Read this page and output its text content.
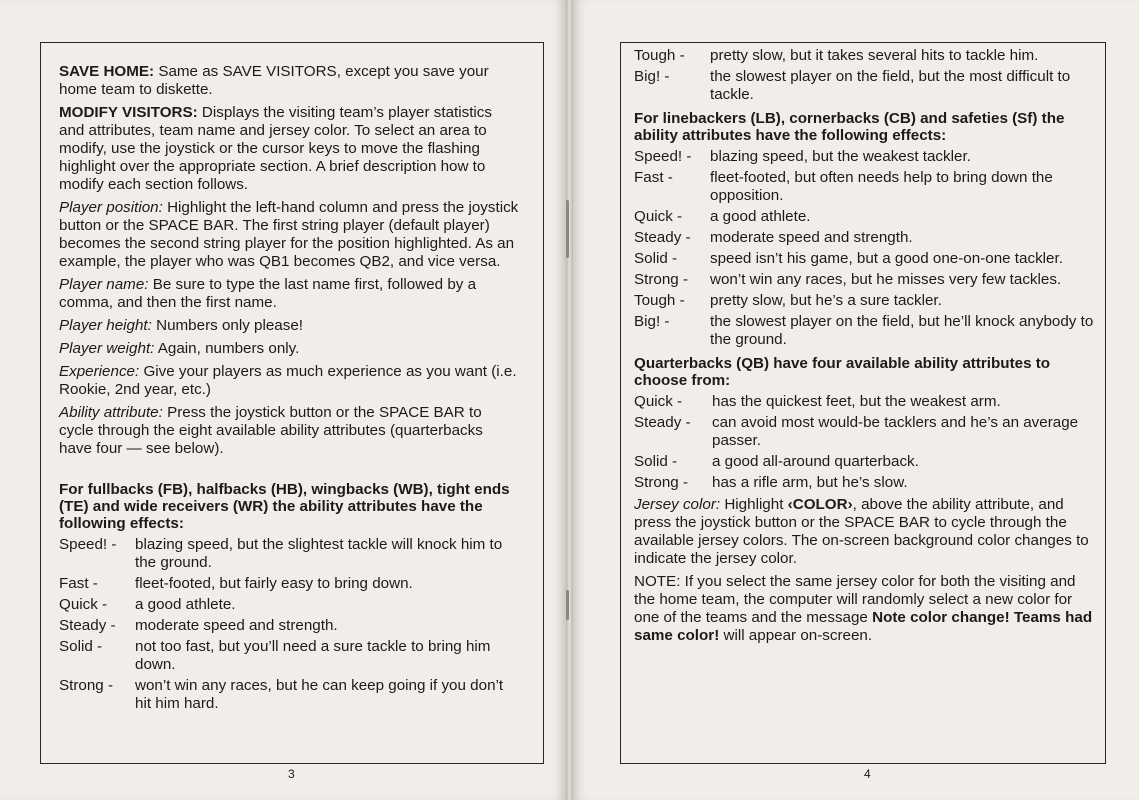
SAVE HOME: Same as SAVE VISITORS, except you save your home team to diskette.

MODIFY VISITORS: Displays the visiting team’s player statistics and attributes, team name and jersey color. To select an area to modify, use the joystick or the cursor keys to move the flashing highlight over the appropriate section. A brief description how to modify each section follows.

Player position: Highlight the left-hand column and press the joystick button or the SPACE BAR. The first string player (default player) becomes the second string player for the position highlighted. As an example, the player who was QB1 becomes QB2, and vice versa.

Player name: Be sure to type the last name first, followed by a comma, and then the first name.

Player height: Numbers only please!

Player weight: Again, numbers only.

Experience: Give your players as much experience as you want (i.e. Rookie, 2nd year, etc.)

Ability attribute: Press the joystick button or the SPACE BAR to cycle through the eight available ability attributes (quarterbacks have four — see below).

For fullbacks (FB), halfbacks (HB), wingbacks (WB), tight ends (TE) and wide receivers (WR) the ability attributes have the following effects:
Speed! -	blazing speed, but the slightest tackle will knock him to the ground.
Fast -	fleet-footed, but fairly easy to bring down.
Quick -	a good athlete.
Steady -	moderate speed and strength.
Solid -	not too fast, but you’ll need a sure tackle to bring him down.
Strong -	won’t win any races, but he can keep going if you don’t hit him hard.
3
Tough -	pretty slow, but it takes several hits to tackle him.
Big! -	the slowest player on the field, but the most difficult to tackle.
For linebackers (LB), cornerbacks (CB) and safeties (Sf) the ability attributes have the following effects:
Speed! -	blazing speed, but the weakest tackler.
Fast -	fleet-footed, but often needs help to bring down the opposition.
Quick -	a good athlete.
Steady -	moderate speed and strength.
Solid -	speed isn’t his game, but a good one-on-one tackler.
Strong -	won’t win any races, but he misses very few tackles.
Tough -	pretty slow, but he’s a sure tackler.
Big! -	the slowest player on the field, but he’ll knock anybody to the ground.
Quarterbacks (QB) have four available ability attributes to choose from:
Quick -	has the quickest feet, but the weakest arm.
Steady -	can avoid most would-be tacklers and he’s an average passer.
Solid -	a good all-around quarterback.
Strong -	has a rifle arm, but he’s slow.

Jersey color: Highlight ‹COLOR›, above the ability attribute, and press the joystick button or the SPACE BAR to cycle through the available jersey colors. The on-screen background color changes to indicate the jersey color.

NOTE: If you select the same jersey color for both the visiting and the home team, the computer will randomly select a new color for one of the teams and the message Note color change! Teams had same color! will appear on-screen.

4
